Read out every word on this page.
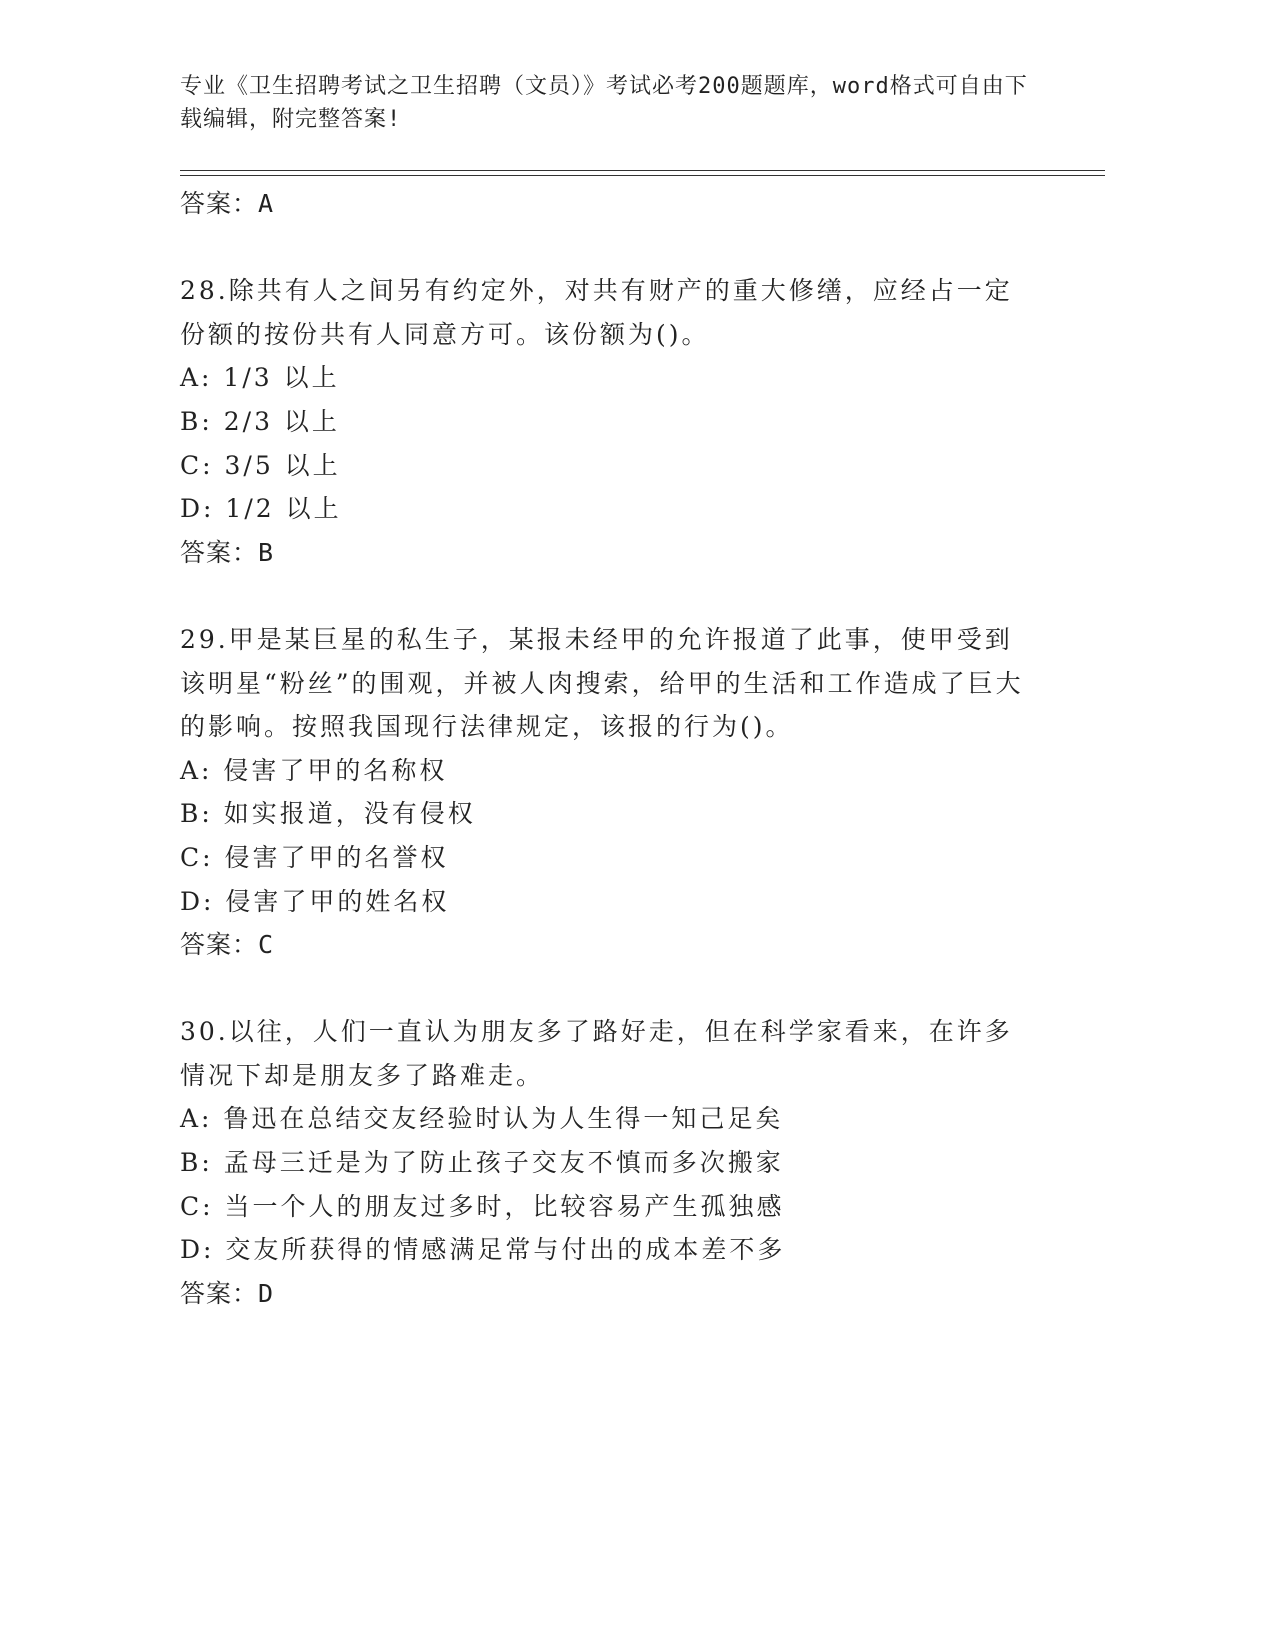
专业《卫生招聘考试之卫生招聘（文员）》考试必考200题题库，word格式可自由下载编辑，附完整答案!
答案：A
28.除共有人之间另有约定外，对共有财产的重大修缮，应经占一定份额的按份共有人同意方可。该份额为()。
A: 1/3 以上
B: 2/3 以上
C: 3/5 以上
D: 1/2 以上
答案：B
29.甲是某巨星的私生子，某报未经甲的允许报道了此事，使甲受到该明星“粉丝”的围观，并被人肉搜索，给甲的生活和工作造成了巨大的影响。按照我国现行法律规定，该报的行为()。
A: 侵害了甲的名称权
B: 如实报道，没有侵权
C: 侵害了甲的名誉权
D: 侵害了甲的姓名权
答案：C
30.以往，人们一直认为朋友多了路好走，但在科学家看来，在许多情况下却是朋友多了路难走。
A: 鲁迅在总结交友经验时认为人生得一知己足矣
B: 孟母三迁是为了防止孩子交友不慎而多次搬家
C: 当一个人的朋友过多时，比较容易产生孤独感
D: 交友所获得的情感满足常与付出的成本差不多
答案：D
